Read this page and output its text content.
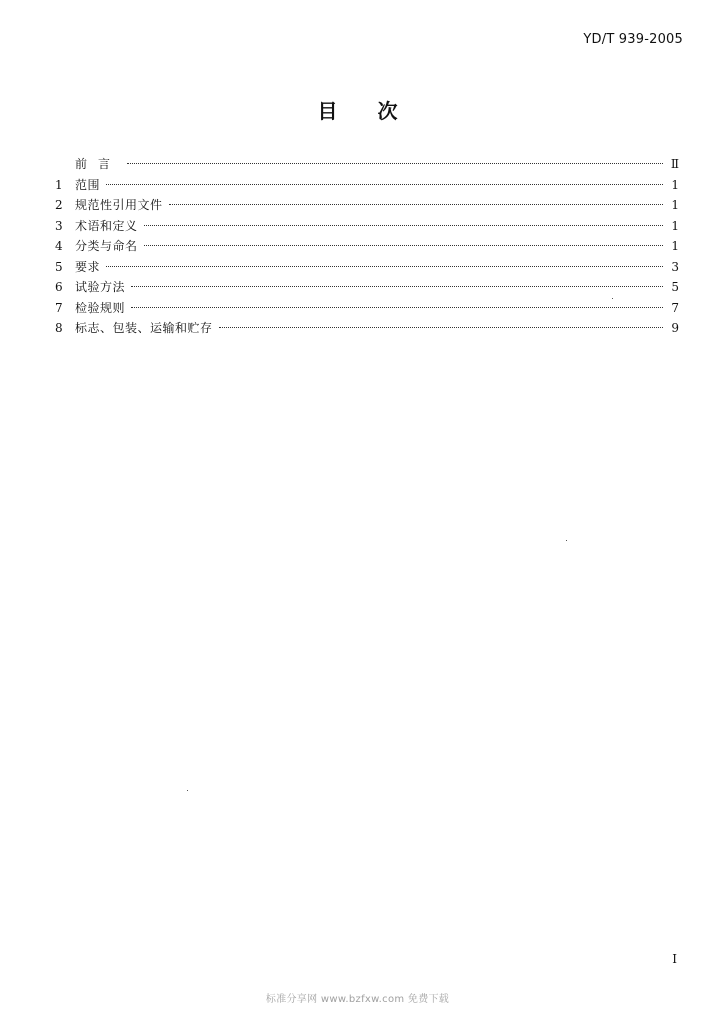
YD/T 939-2005
目 次
前言	Ⅱ
1	范围	1
2	规范性引用文件	1
3	术语和定义	1
4	分类与命名	1
5	要求	3
6	试验方法	5
7	检验规则	7
8	标志、包装、运输和贮存	9
I
标准分享网 www.bzfxw.com 免费下载
